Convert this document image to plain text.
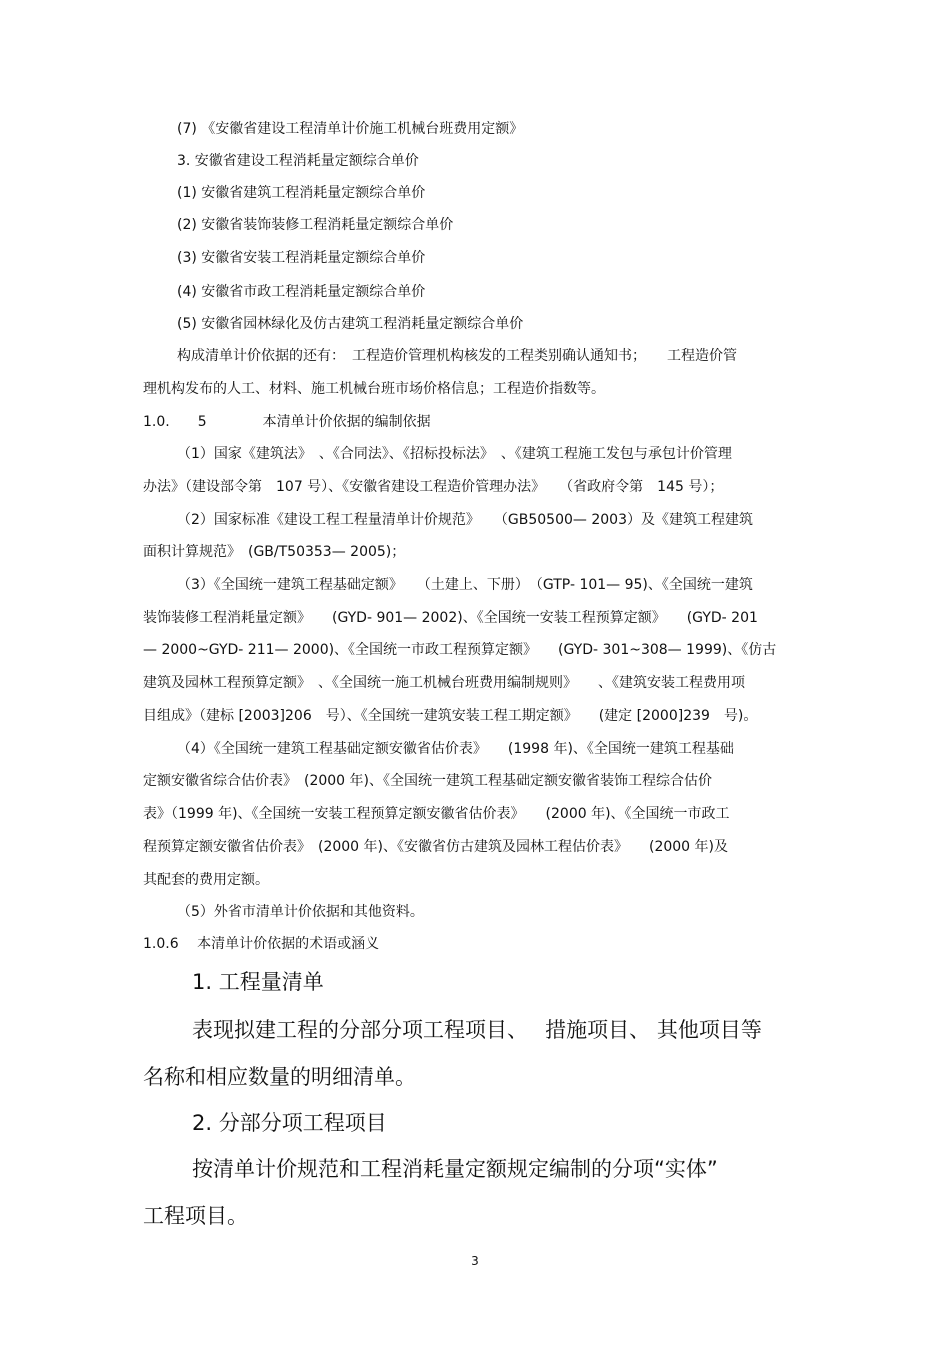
(7) 《安徽省建设工程清单计价施工机械台班费用定额》
3. 安徽省建设工程消耗量定额综合单价
(1) 安徽省建筑工程消耗量定额综合单价
(2) 安徽省装饰装修工程消耗量定额综合单价
(3) 安徽省安装工程消耗量定额综合单价
(4) 安徽省市政工程消耗量定额综合单价
(5) 安徽省园林绿化及仿古建筑工程消耗量定额综合单价
构成清单计价依据的还有：　工程造价管理机构核发的工程类别确认通知书；　　工程造价管
理机构发布的人工、材料、施工机械台班市场价格信息；工程造价指数等。
1.0.　　5　　　　本清单计价依据的编制依据
（1）国家《建筑法》　、《合同法》、《招标投标法》　、《建筑工程施工发包与承包计价管理
办法》（建设部令第　107 号）、《安徽省建设工程造价管理办法》　　（省政府令第　145 号）；
（2）国家标准《建设工程工程量清单计价规范》　　（GB50500— 2003）及《建筑工程建筑
面积计算规范》　(GB/T50353— 2005)；
（3）《全国统一建筑工程基础定额》　　（土建上、下册）　（GTP- 101— 95)、《全国统一建筑
装饰装修工程消耗量定额》　　(GYD- 901— 2002)、《全国统一安装工程预算定额》　　(GYD- 201
— 2000~GYD- 211— 2000)、《全国统一市政工程预算定额》　　(GYD- 301~308— 1999)、《仿古
建筑及园林工程预算定额》　、《全国统一施工机械台班费用编制规则》　　、《建筑安装工程费用项
目组成》（建标 [2003]206　号）、《全国统一建筑安装工程工期定额》　　(建定 [2000]239　号)。
（4）《全国统一建筑工程基础定额安徽省估价表》　　(1998 年)、《全国统一建筑工程基础
定额安徽省综合估价表》　(2000 年)、《全国统一建筑工程基础定额安徽省装饰工程综合估价
表》（1999 年)、《全国统一安装工程预算定额安徽省估价表》　　(2000 年)、《全国统一市政工
程预算定额安徽省估价表》　(2000 年)、《安徽省仿古建筑及园林工程估价表》　　(2000 年)及
其配套的费用定额。
（5）外省市清单计价依据和其他资料。
1.0.6　 本清单计价依据的术语或涵义
1. 工程量清单
表现拟建工程的分部分项工程项目、　 措施项目、 其他项目等
名称和相应数量的明细清单。
2. 分部分项工程项目
按清单计价规范和工程消耗量定额规定编制的分项“实体”
工程项目。
3
